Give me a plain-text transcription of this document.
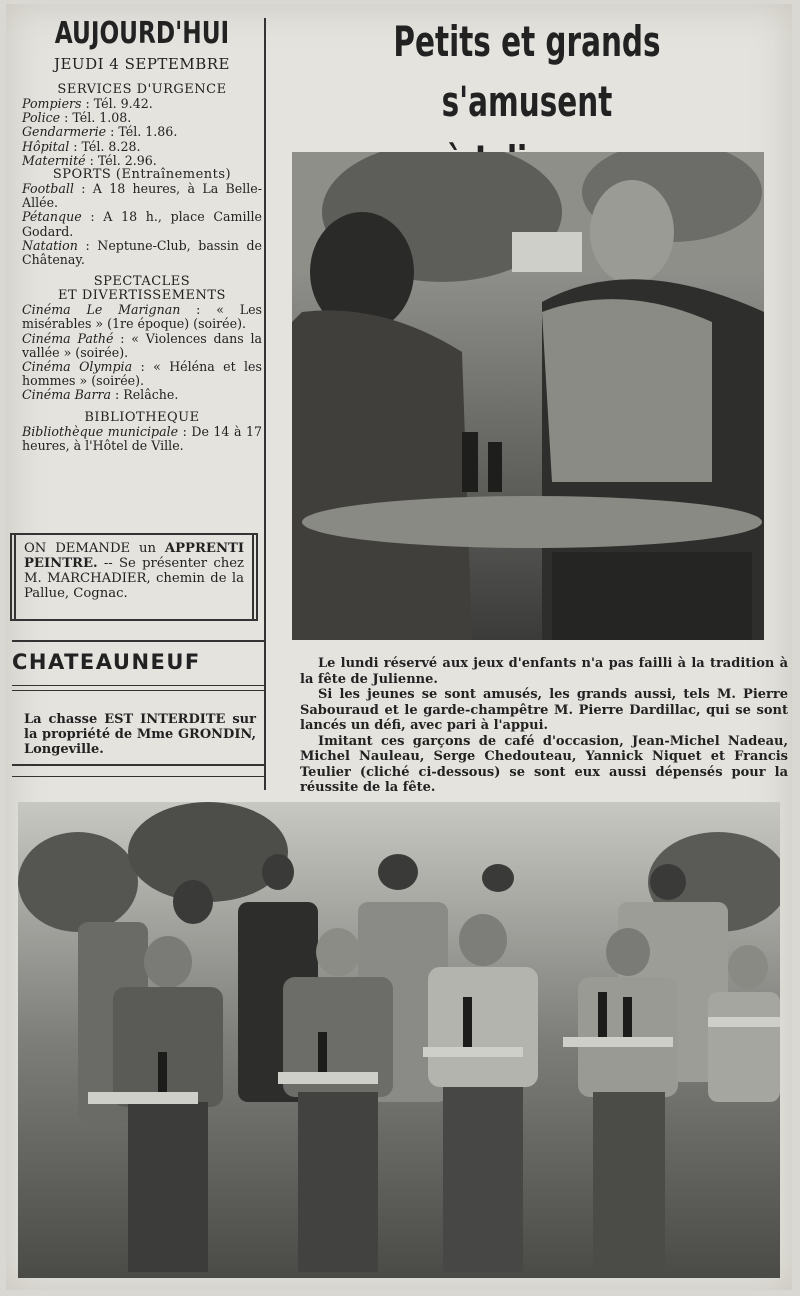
AUJOURD'HUI
JEUDI 4 SEPTEMBRE
SERVICES D'URGENCE
Pompiers : Tél. 9.42.
Police : Tél. 1.08.
Gendarmerie : Tél. 1.86.
Hôpital : Tél. 8.28.
Maternité : Tél. 2.96.
SPORTS (Entraînements)
Football : A 18 heures, à La Belle-Allée.
Pétanque : A 18 h., place Camille Godard.
Natation : Neptune-Club, bassin de Châtenay.
SPECTACLES
ET DIVERTISSEMENTS
Cinéma Le Marignan : « Les misérables » (1re époque) (soirée).
Cinéma Pathé : « Violences dans la vallée » (soirée).
Cinéma Olympia : « Héléna et les hommes » (soirée).
Cinéma Barra : Relâche.
BIBLIOTHEQUE
Bibliothèque municipale : De 14 à 17 heures, à l'Hôtel de Ville.
ON DEMANDE un APPRENTI PEINTRE. -- Se présenter chez M. MARCHADIER, chemin de la Pallue, Cognac.
CHATEAUNEUF
La chasse EST INTERDITE sur la propriété de Mme GRONDIN, Longeville.
Petits et grands s'amusent

Le lundi réservé aux jeux d'enfants n'a pas failli à la tradition à la fête de Julienne.

Si les jeunes se sont amusés, les grands aussi, tels M. Pierre Sabouraud et le garde-champêtre M. Pierre Dardillac, qui se sont lancés un défi, avec pari à l'appui.

Imitant ces garçons de café d'occasion, Jean-Michel Nadeau, Michel Nauleau, Serge Chedouteau, Yannick Niquet et Francis Teulier (cliché ci-dessous) se sont eux aussi dépensés pour la réussite de la fête.
